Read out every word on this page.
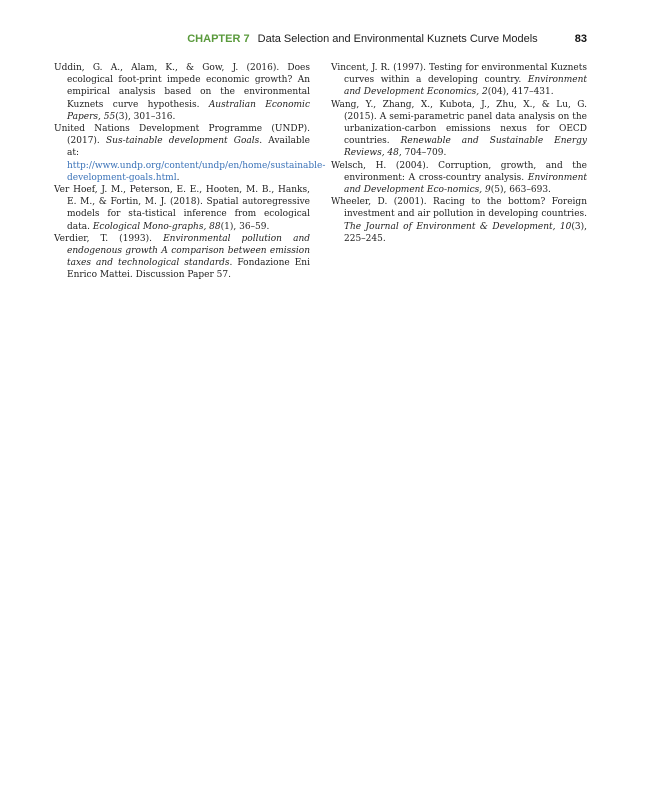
CHAPTER 7 Data Selection and Environmental Kuznets Curve Models	83

Uddin, G. A., Alam, K., & Gow, J. (2016). Does ecological foot-print impede economic growth? An empirical analysis based on the environmental Kuznets curve hypothesis. Australian Economic Papers, 55(3), 301–316.

United Nations Development Programme (UNDP). (2017). Sus-tainable development Goals. Available at: http://www.undp.org/content/undp/en/home/sustainable-development-goals.html.

Ver Hoef, J. M., Peterson, E. E., Hooten, M. B., Hanks, E. M., & Fortin, M. J. (2018). Spatial autoregressive models for sta-tistical inference from ecological data. Ecological Mono-graphs, 88(1), 36–59.

Verdier, T. (1993). Environmental pollution and endogenous growth A comparison between emission taxes and technological standards. Fondazione Eni Enrico Mattei. Discussion Paper 57.

Vincent, J. R. (1997). Testing for environmental Kuznets curves within a developing country. Environment and Development Economics, 2(04), 417–431.

Wang, Y., Zhang, X., Kubota, J., Zhu, X., & Lu, G. (2015). A semi-parametric panel data analysis on the urbanization-carbon emissions nexus for OECD countries. Renewable and Sustainable Energy Reviews, 48, 704–709.

Welsch, H. (2004). Corruption, growth, and the environment: A cross-country analysis. Environment and Development Eco-nomics, 9(5), 663–693.

Wheeler, D. (2001). Racing to the bottom? Foreign investment and air pollution in developing countries. The Journal of Environment & Development, 10(3), 225–245.
